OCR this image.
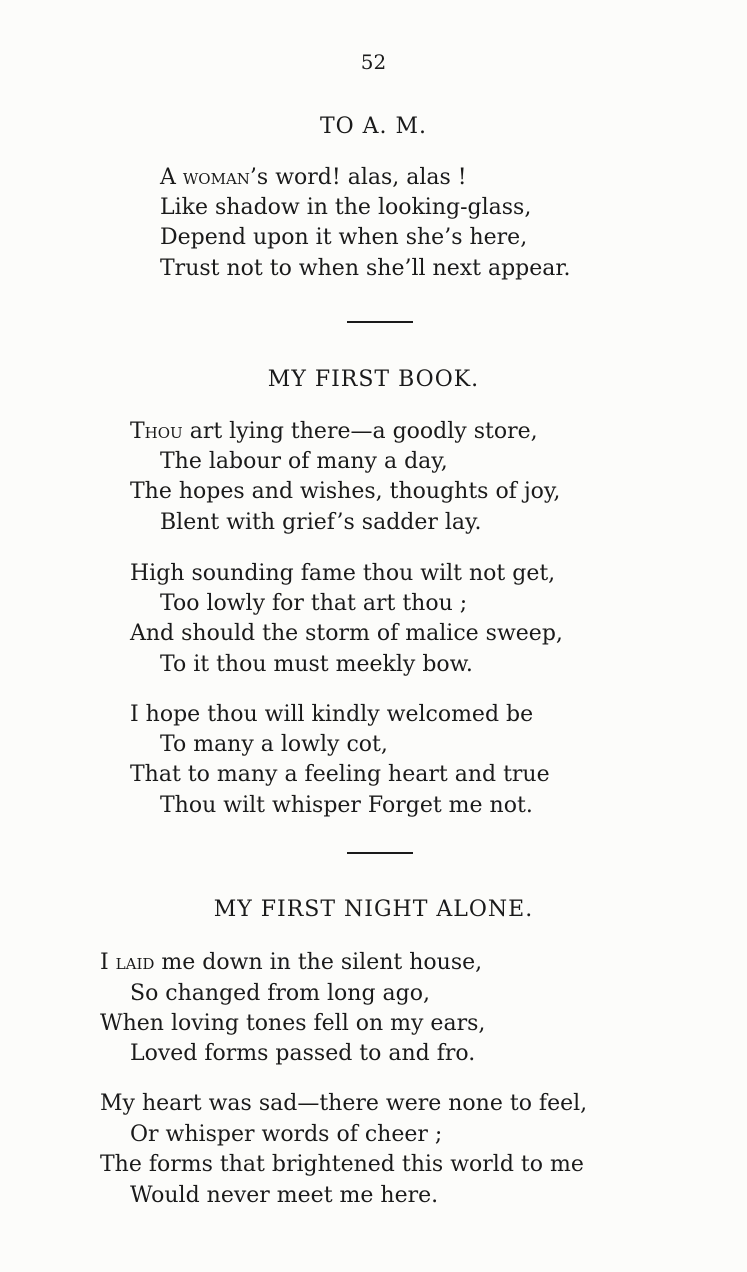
52
TO A. M.
A woman’s word! alas, alas !
Like shadow in the looking-glass,
Depend upon it when she’s here,
Trust not to when she’ll next appear.
MY FIRST BOOK.
Thou art lying there—a goodly store,
The labour of many a day,
The hopes and wishes, thoughts of joy,
Blent with grief’s sadder lay.
High sounding fame thou wilt not get,
Too lowly for that art thou ;
And should the storm of malice sweep,
To it thou must meekly bow.
I hope thou will kindly welcomed be
To many a lowly cot,
That to many a feeling heart and true
Thou wilt whisper Forget me not.
MY FIRST NIGHT ALONE.
I laid me down in the silent house,
So changed from long ago,
When loving tones fell on my ears,
Loved forms passed to and fro.
My heart was sad—there were none to feel,
Or whisper words of cheer ;
The forms that brightened this world to me
Would never meet me here.
